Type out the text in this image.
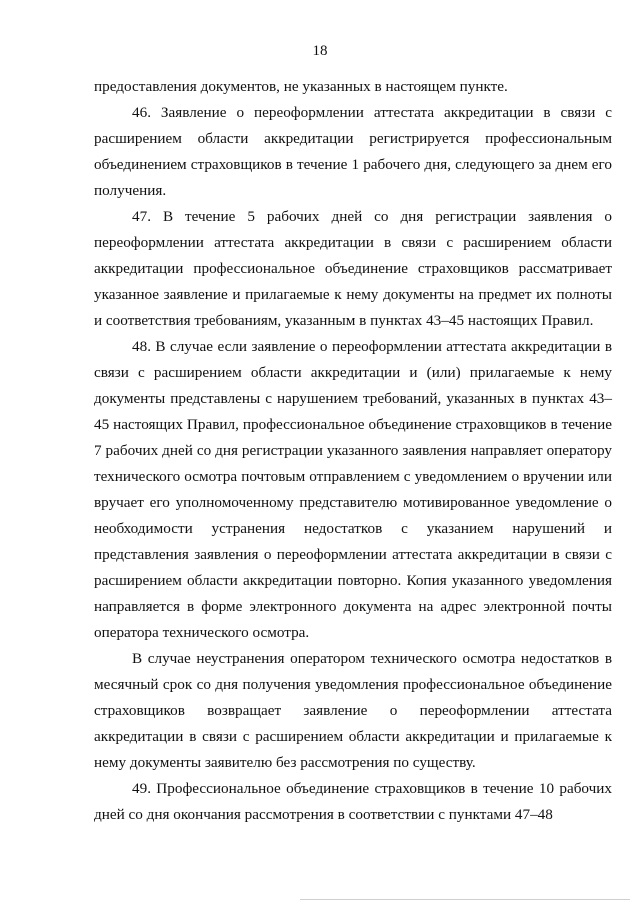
18

предоставления документов, не указанных в настоящем пункте.

46. Заявление о переоформлении аттестата аккредитации в связи с расширением области аккредитации регистрируется профессиональным объединением страховщиков в течение 1 рабочего дня, следующего за днем его получения.

47. В течение 5 рабочих дней со дня регистрации заявления о переоформлении аттестата аккредитации в связи с расширением области аккредитации профессиональное объединение страховщиков рассматривает указанное заявление и прилагаемые к нему документы на предмет их полноты и соответствия требованиям, указанным в пунктах 43–45 настоящих Правил.

48. В случае если заявление о переоформлении аттестата аккредитации в связи с расширением области аккредитации и (или) прилагаемые к нему документы представлены с нарушением требований, указанных в пунктах 43–45 настоящих Правил, профессиональное объединение страховщиков в течение 7 рабочих дней со дня регистрации указанного заявления направляет оператору технического осмотра почтовым отправлением с уведомлением о вручении или вручает его уполномоченному представителю мотивированное уведомление о необходимости устранения недостатков с указанием нарушений и представления заявления о переоформлении аттестата аккредитации в связи с расширением области аккредитации повторно. Копия указанного уведомления направляется в форме электронного документа на адрес электронной почты оператора технического осмотра.

В случае неустранения оператором технического осмотра недостатков в месячный срок со дня получения уведомления профессиональное объединение страховщиков возвращает заявление о переоформлении аттестата аккредитации в связи с расширением области аккредитации и прилагаемые к нему документы заявителю без рассмотрения по существу.

49. Профессиональное объединение страховщиков в течение 10 рабочих дней со дня окончания рассмотрения в соответствии с пунктами 47–48
